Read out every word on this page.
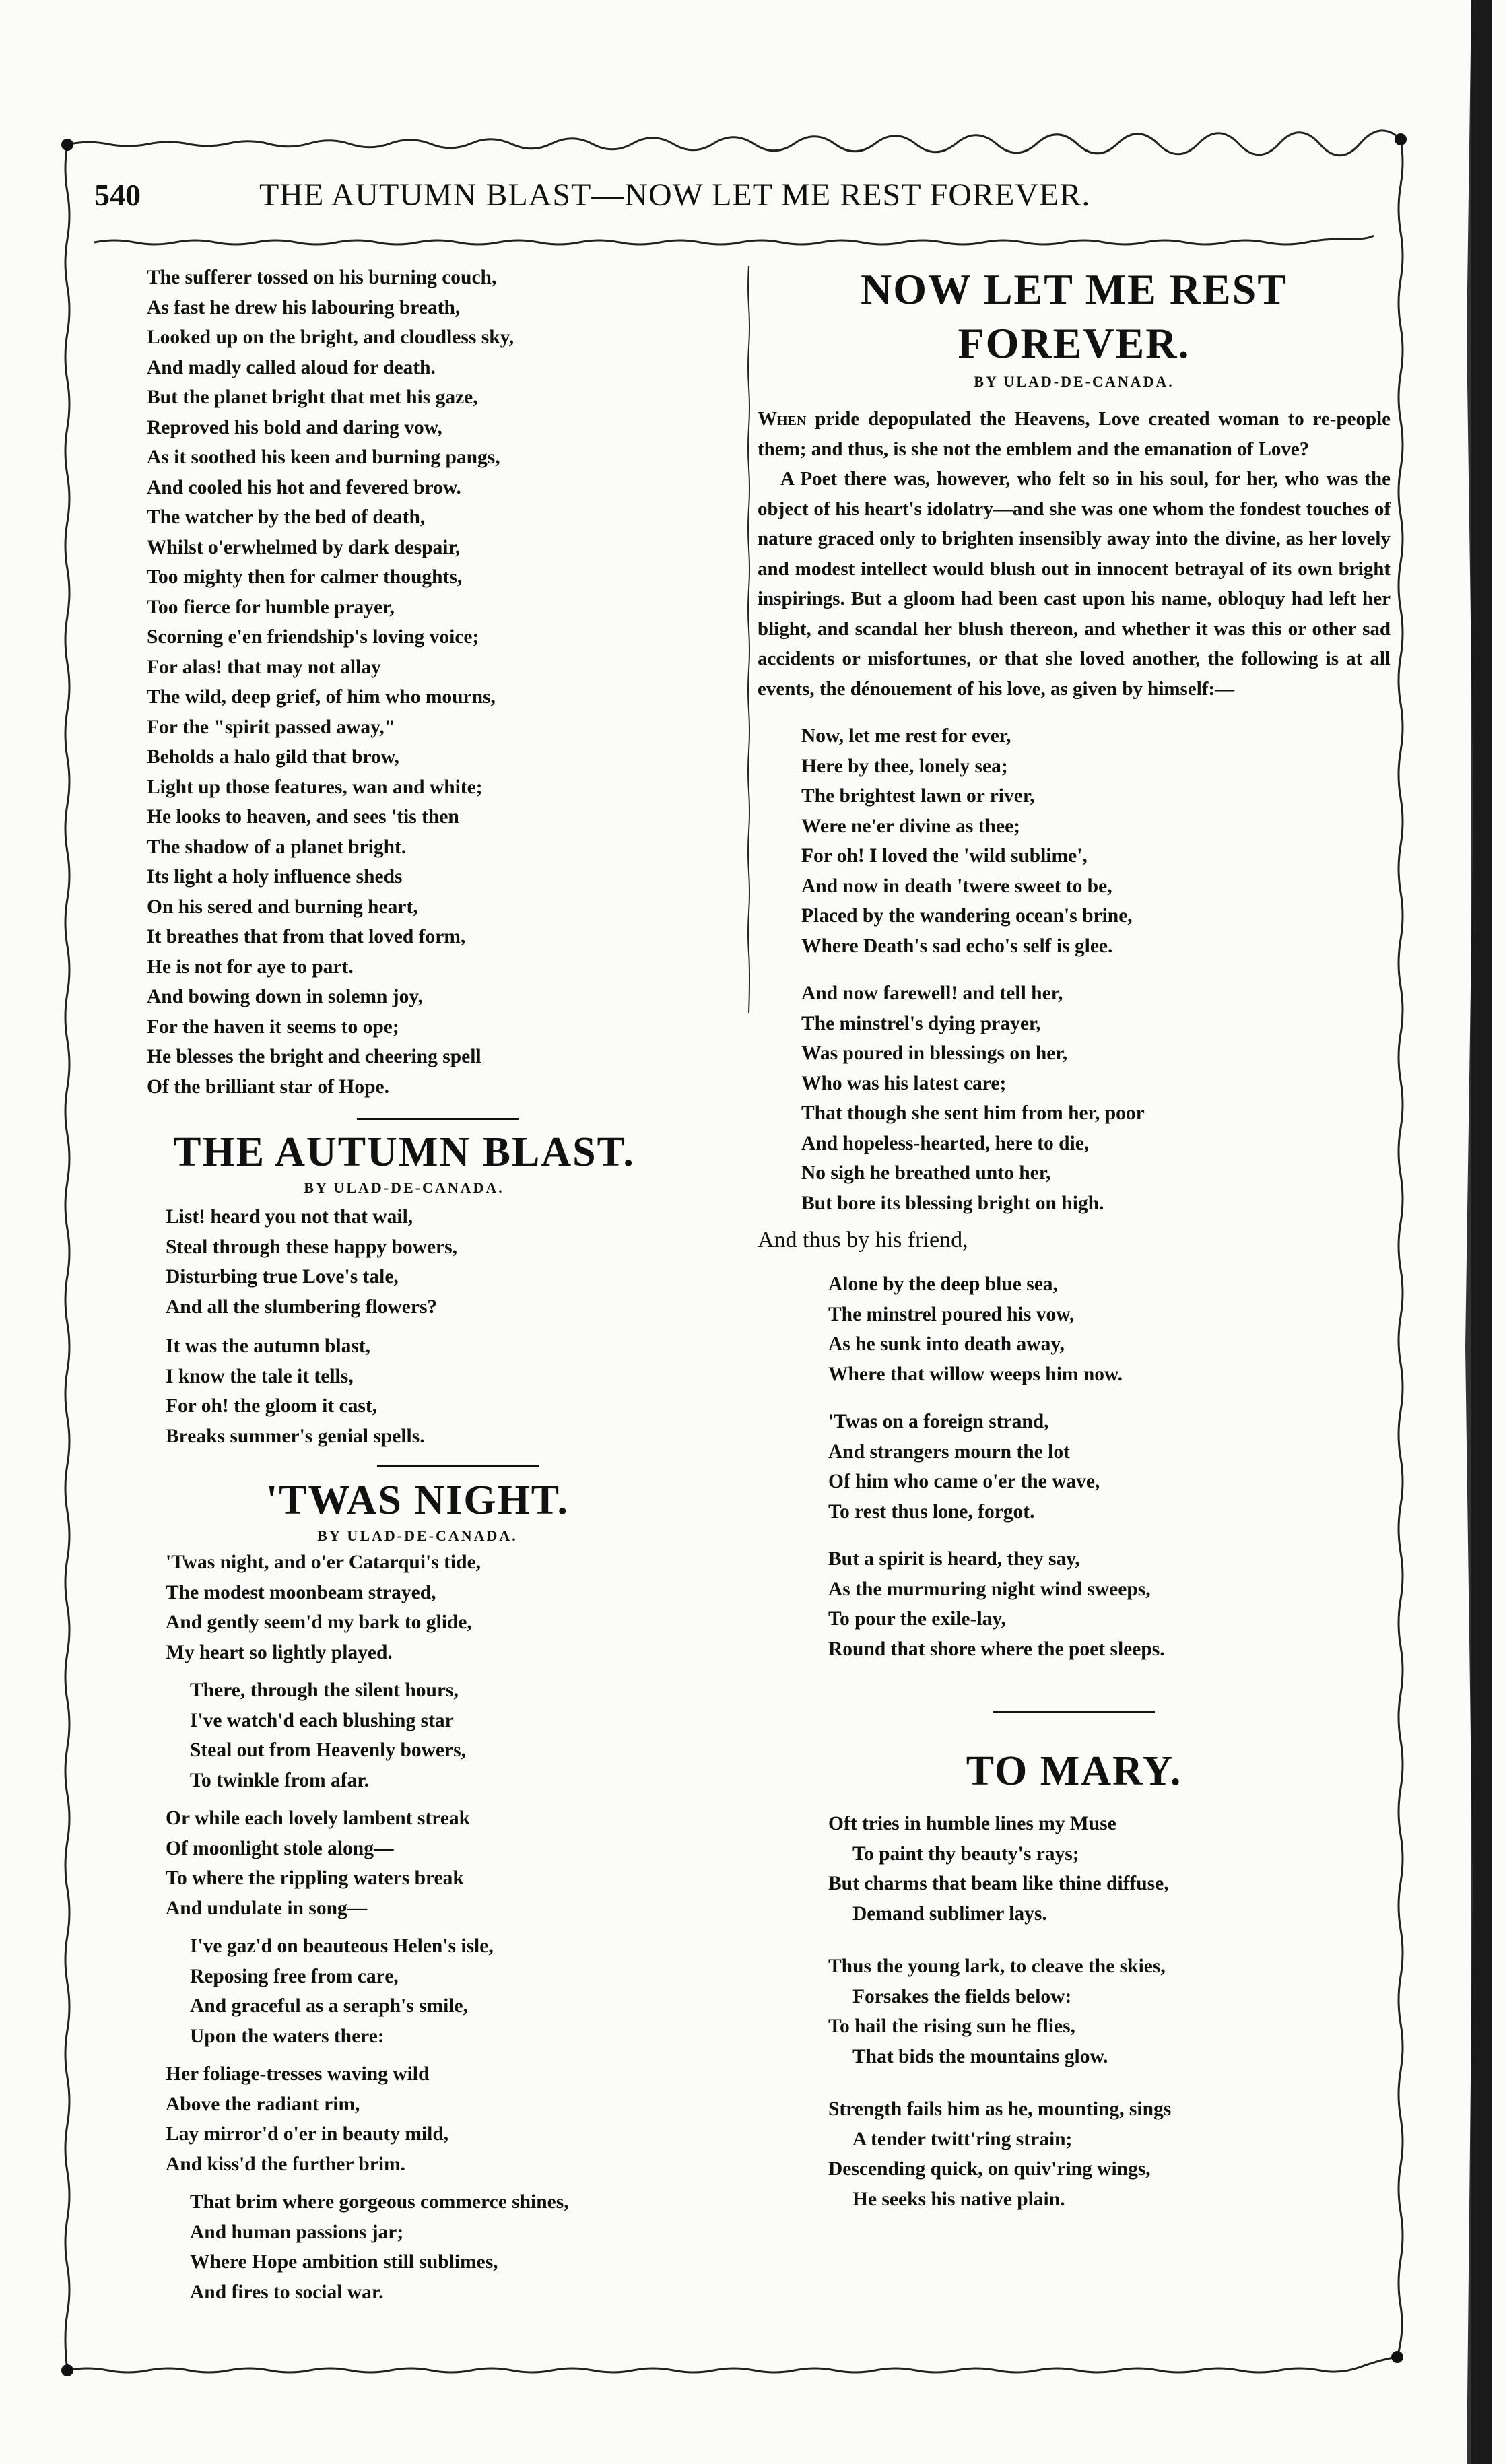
540	THE AUTUMN BLAST—NOW LET ME REST FOREVER.
The sufferer tossed on his burning couch,
As fast he drew his labouring breath,
Looked up on the bright, and cloudless sky,
And madly called aloud for death.
But the planet bright that met his gaze,
Reproved his bold and daring vow,
As it soothed his keen and burning pangs,
And cooled his hot and fevered brow.
The watcher by the bed of death,
Whilst o'erwhelmed by dark despair,
Too mighty then for calmer thoughts,
Too fierce for humble prayer,
Scorning e'en friendship's loving voice;
For alas! that may not allay
The wild, deep grief, of him who mourns,
For the "spirit passed away,"
Beholds a halo gild that brow,
Light up those features, wan and white;
He looks to heaven, and sees 'tis then
The shadow of a planet bright.
Its light a holy influence sheds
On his sered and burning heart,
It breathes that from that loved form,
He is not for aye to part.
And bowing down in solemn joy,
For the haven it seems to ope;
He blesses the bright and cheering spell
Of the brilliant star of Hope.
THE AUTUMN BLAST.
BY ULAD-DE-CANADA.
List! heard you not that wail,
Steal through these happy bowers,
Disturbing true Love's tale,
And all the slumbering flowers?
It was the autumn blast,
I know the tale it tells,
For oh! the gloom it cast,
Breaks summer's genial spells.
'TWAS NIGHT.
BY ULAD-DE-CANADA.
'Twas night, and o'er Catarqui's tide,
The modest moonbeam strayed,
And gently seem'd my bark to glide,
My heart so lightly played.
There, through the silent hours,
I've watch'd each blushing star
Steal out from Heavenly bowers,
To twinkle from afar.
Or while each lovely lambent streak
Of moonlight stole along—
To where the rippling waters break
And undulate in song—
I've gaz'd on beauteous Helen's isle,
Reposing free from care,
And graceful as a seraph's smile,
Upon the waters there:
Her foliage-tresses waving wild
Above the radiant rim,
Lay mirror'd o'er in beauty mild,
And kiss'd the further brim.
That brim where gorgeous commerce shines,
And human passions jar;
Where Hope ambition still sublimes,
And fires to social war.
NOW LET ME REST FOREVER.
BY ULAD-DE-CANADA.

When pride depopulated the Heavens, Love created woman to re-people them; and thus, is she not the emblem and the emanation of Love?

A Poet there was, however, who felt so in his soul, for her, who was the object of his heart's idolatry—and she was one whom the fondest touches of nature graced only to brighten insensibly away into the divine, as her lovely and modest intellect would blush out in innocent betrayal of its own bright inspirings. But a gloom had been cast upon his name, obloquy had left her blight, and scandal her blush thereon, and whether it was this or other sad accidents or misfortunes, or that she loved another, the following is at all events, the dénouement of his love, as given by himself:—

Now, let me rest for ever,
Here by thee, lonely sea;
The brightest lawn or river,
Were ne'er divine as thee;
For oh! I loved the 'wild sublime',
And now in death 'twere sweet to be,
Placed by the wandering ocean's brine,
Where Death's sad echo's self is glee.
And now farewell! and tell her,
The minstrel's dying prayer,
Was poured in blessings on her,
Who was his latest care;
That though she sent him from her, poor
And hopeless-hearted, here to die,
No sigh he breathed unto her,
But bore its blessing bright on high.
And thus by his friend,
Alone by the deep blue sea,
The minstrel poured his vow,
As he sunk into death away,
Where that willow weeps him now.
'Twas on a foreign strand,
And strangers mourn the lot
Of him who came o'er the wave,
To rest thus lone, forgot.
But a spirit is heard, they say,
As the murmuring night wind sweeps,
To pour the exile-lay,
Round that shore where the poet sleeps.
TO MARY.
Oft tries in humble lines my Muse
To paint thy beauty's rays;
But charms that beam like thine diffuse,
Demand sublimer lays.
Thus the young lark, to cleave the skies,
Forsakes the fields below:
To hail the rising sun he flies,
That bids the mountains glow.
Strength fails him as he, mounting, sings
A tender twitt'ring strain;
Descending quick, on quiv'ring wings,
He seeks his native plain.
